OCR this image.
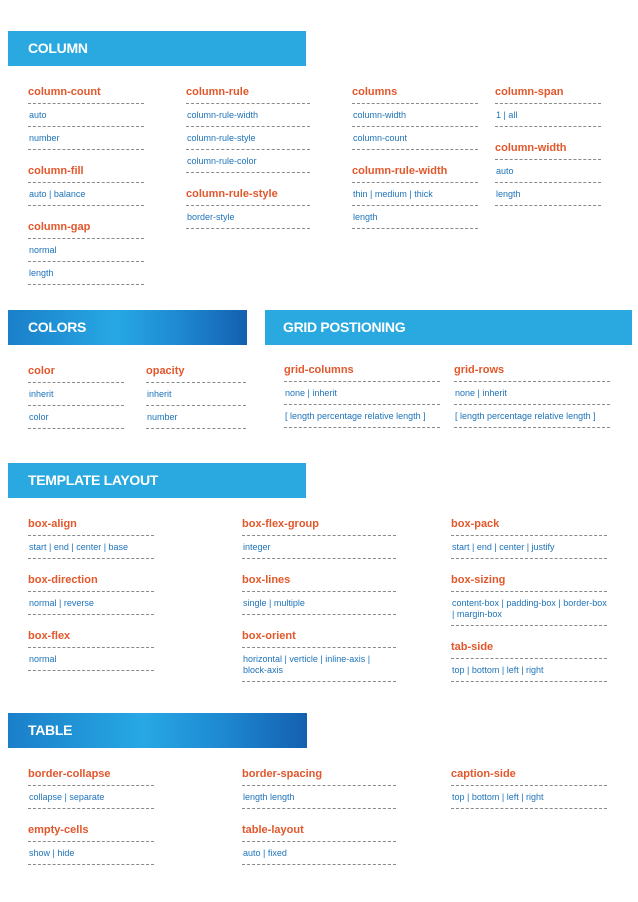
COLUMN
column-count
auto
number
column-fill
auto | balance
column-gap
normal
length
column-rule
column-rule-width
column-rule-style
column-rule-color
column-rule-style
border-style
columns
column-width
column-count
column-rule-width
thin | medium | thick
length
column-span
1 | all
column-width
auto
length
COLORS
color
inherit
color
opacity
inherit
number
GRID POSTIONING
grid-columns
none | inherit
[ length percentage relative length ]
grid-rows
none | inherit
[ length percentage relative length ]
TEMPLATE LAYOUT
box-align
start | end | center | base
box-direction
normal | reverse
box-flex
normal
box-flex-group
integer
box-lines
single | multiple
box-orient
horizontal | verticle | inline-axis | block-axis
box-pack
start | end | center | justify
box-sizing
content-box | padding-box | border-box | margin-box
tab-side
top | bottom | left | right
TABLE
border-collapse
collapse | separate
empty-cells
show | hide
border-spacing
length length
table-layout
auto | fixed
caption-side
top | bottom | left | right
